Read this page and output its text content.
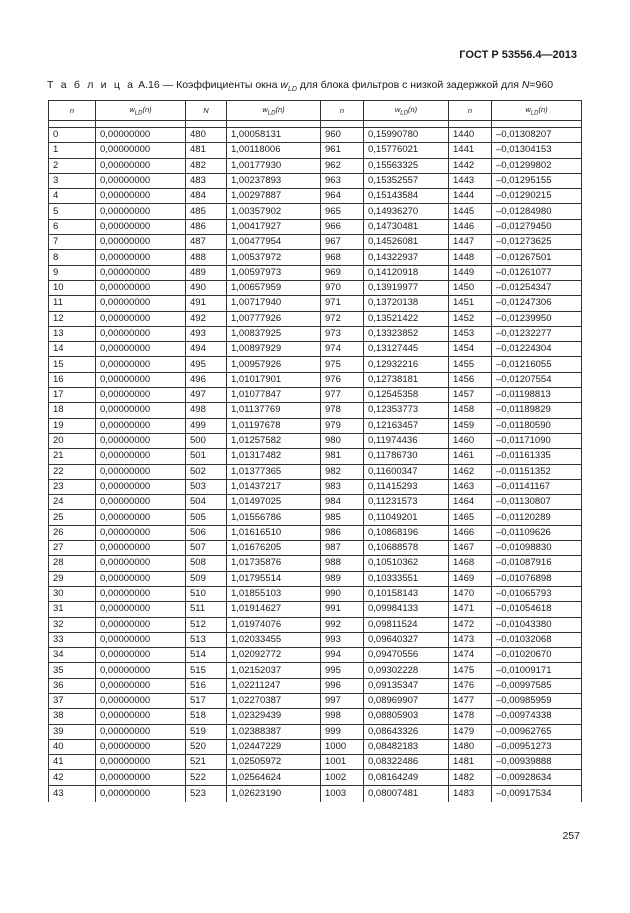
ГОСТ Р 53556.4—2013
Т а б л и ц а А.16 — Коэффициенты окна $w_{LD}$ для блока фильтров с низкой задержкой для N=960
n	$w_{LD}(n)$	N	$w_{LD}(n)$	n	$w_{LD}(n)$	n	$w_{LD}(n)$

0	0,00000000	480	1,00058131	960	0,15990780	1440	–0,01308207
1	0,00000000	481	1,00118006	961	0,15776021	1441	–0,01304153
2	0,00000000	482	1,00177930	962	0,15563325	1442	–0,01299802
3	0,00000000	483	1,00237893	963	0,15352557	1443	–0,01295155
4	0,00000000	484	1,00297887	964	0,15143584	1444	–0,01290215
5	0,00000000	485	1,00357902	965	0,14936270	1445	–0,01284980
6	0,00000000	486	1,00417927	966	0,14730481	1446	–0,01279450
7	0,00000000	487	1,00477954	967	0,14526081	1447	–0,01273625
8	0,00000000	488	1,00537972	968	0,14322937	1448	–0,01267501
9	0,00000000	489	1,00597973	969	0,14120918	1449	–0,01261077
10	0,00000000	490	1,00657959	970	0,13919977	1450	–0,01254347
11	0,00000000	491	1,00717940	971	0,13720138	1451	–0,01247306
12	0,00000000	492	1,00777926	972	0,13521422	1452	–0,01239950
13	0,00000000	493	1,00837925	973	0,13323852	1453	–0,01232277
14	0,00000000	494	1,00897929	974	0,13127445	1454	–0,01224304
15	0,00000000	495	1,00957926	975	0,12932216	1455	–0,01216055
16	0,00000000	496	1,01017901	976	0,12738181	1456	–0,01207554
17	0,00000000	497	1,01077847	977	0,12545358	1457	–0,01198813
18	0,00000000	498	1,01137769	978	0,12353773	1458	–0,01189829
19	0,00000000	499	1,01197678	979	0,12163457	1459	–0,01180590
20	0,00000000	500	1,01257582	980	0,11974436	1460	–0,01171090
21	0,00000000	501	1,01317482	981	0,11786730	1461	–0,01161335
22	0,00000000	502	1,01377365	982	0,11600347	1462	–0,01151352
23	0,00000000	503	1,01437217	983	0,11415293	1463	–0,01141167
24	0,00000000	504	1,01497025	984	0,11231573	1464	–0,01130807
25	0,00000000	505	1,01556786	985	0,11049201	1465	–0,01120289
26	0,00000000	506	1,01616510	986	0,10868196	1466	–0,01109626
27	0,00000000	507	1,01676205	987	0,10688578	1467	–0,01098830
28	0,00000000	508	1,01735876	988	0,10510362	1468	–0,01087916
29	0,00000000	509	1,01795514	989	0,10333551	1469	–0,01076898
30	0,00000000	510	1,01855103	990	0,10158143	1470	–0,01065793
31	0,00000000	511	1,01914627	991	0,09984133	1471	–0,01054618
32	0,00000000	512	1,01974076	992	0,09811524	1472	–0,01043380
33	0,00000000	513	1,02033455	993	0,09640327	1473	–0,01032068
34	0,00000000	514	1,02092772	994	0,09470556	1474	–0,01020670
35	0,00000000	515	1,02152037	995	0,09302228	1475	–0,01009171
36	0,00000000	516	1,02211247	996	0,09135347	1476	–0,00997585
37	0,00000000	517	1,02270387	997	0,08969907	1477	–0,00985959
38	0,00000000	518	1,02329439	998	0,08805903	1478	–0,00974338
39	0,00000000	519	1,02388387	999	0,08643326	1479	–0,00962765
40	0,00000000	520	1,02447229	1000	0,08482183	1480	–0,00951273
41	0,00000000	521	1,02505972	1001	0,08322486	1481	–0,00939888
42	0,00000000	522	1,02564624	1002	0,08164249	1482	–0,00928634
43	0,00000000	523	1,02623190	1003	0,08007481	1483	–0,00917534
257
